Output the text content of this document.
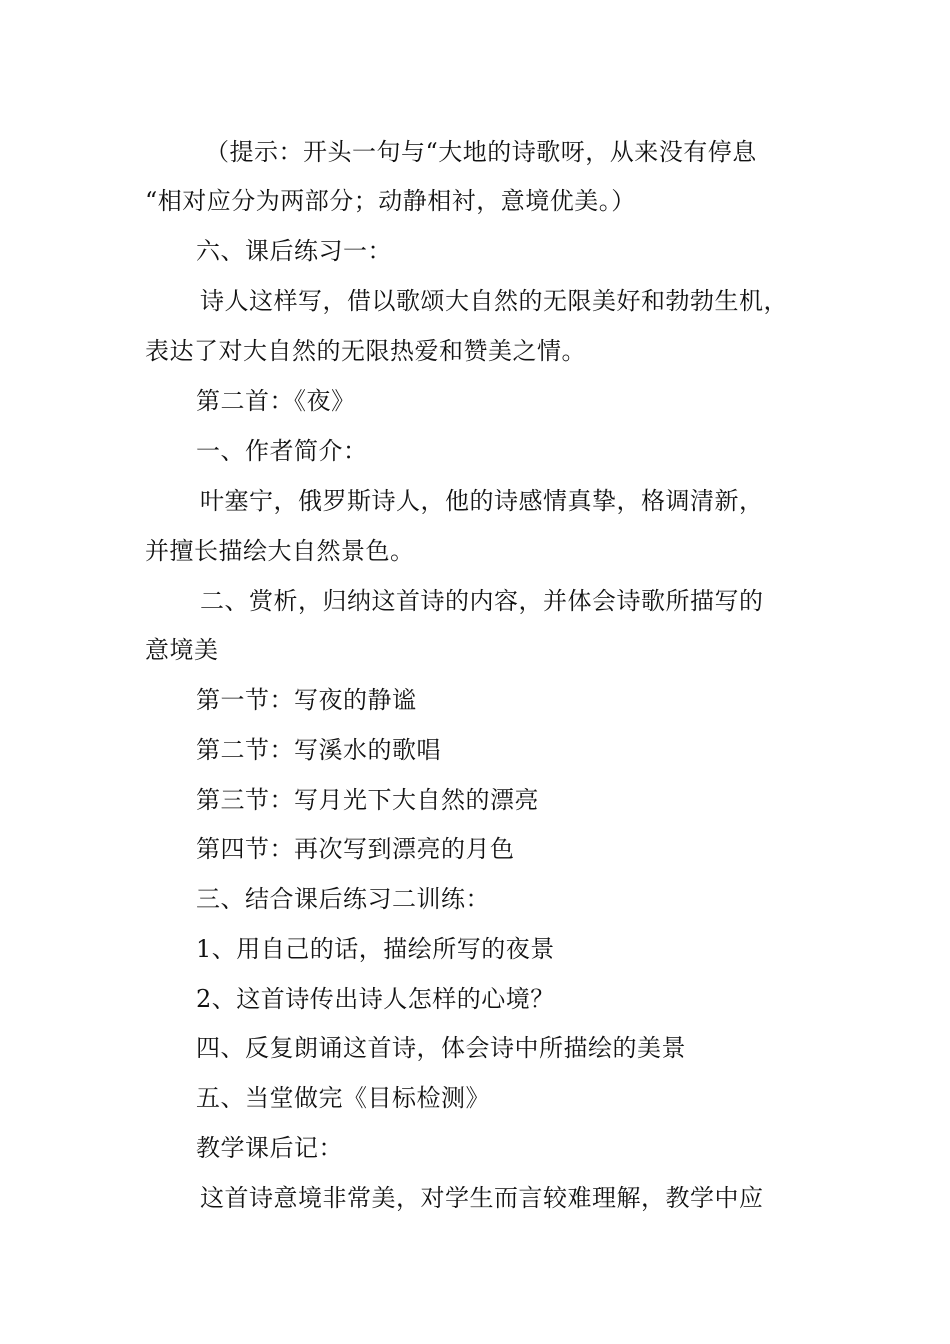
（提示：开头一句与“大地的诗歌呀，从来没有停息
“相对应分为两部分；动静相衬，意境优美。）
六、课后练习一：
诗人这样写，借以歌颂大自然的无限美好和勃勃生机，
表达了对大自然的无限热爱和赞美之情。
第二首：《夜》
一、作者简介：
叶塞宁，俄罗斯诗人，他的诗感情真挚，格调清新，
并擅长描绘大自然景色。
二、赏析，归纳这首诗的内容，并体会诗歌所描写的
意境美
第一节：写夜的静谧
第二节：写溪水的歌唱
第三节：写月光下大自然的漂亮
第四节：再次写到漂亮的月色
三、结合课后练习二训练：
1、用自己的话，描绘所写的夜景
2、这首诗传出诗人怎样的心境？
四、反复朗诵这首诗，体会诗中所描绘的美景
五、当堂做完《目标检测》
教学课后记：
这首诗意境非常美，对学生而言较难理解，教学中应
